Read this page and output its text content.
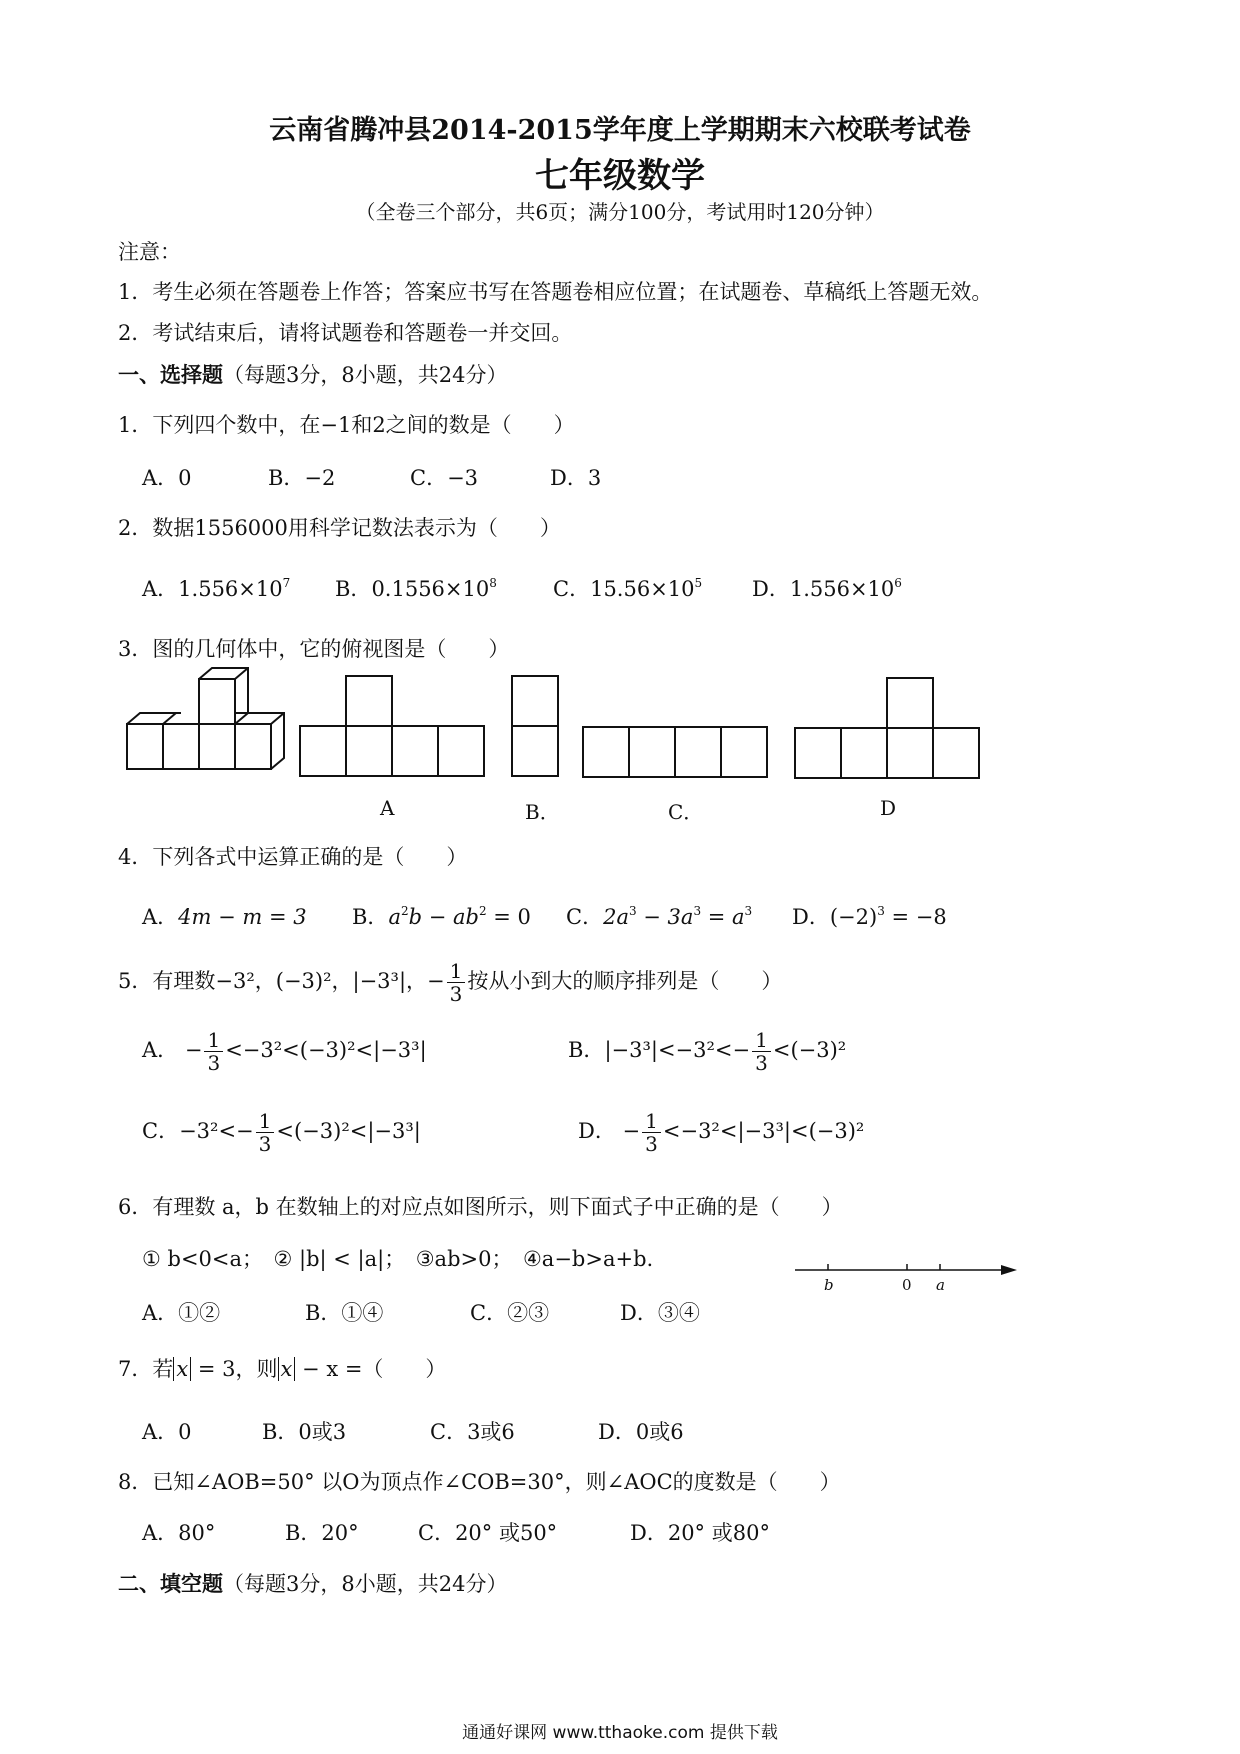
云南省腾冲县2014-2015学年度上学期期末六校联考试卷
七年级数学
（全卷三个部分，共6页；满分100分，考试用时120分钟）
注意：
1．考生必须在答题卷上作答；答案应书写在答题卷相应位置；在试题卷、草稿纸上答题无效。
2．考试结束后，请将试题卷和答题卷一并交回。
一、选择题（每题3分，8小题，共24分）
1．下列四个数中，在−1和2之间的数是（　　）
A．0	B．−2	C．−3	D．3
2．数据1556000用科学记数法表示为（　　）
A．$1.556\times 10^7$ B．$0.1556\times 10^8$	C．$15.56\times 10^5$ D．$1.556\times 10^6$
3．图的几何体中，它的俯视图是（　　）
A	B．	C．	D
4．下列各式中运算正确的是（　　）
A．4m − m = 3 B．$a^2b - ab^2 = 0$ C．$2a^3 - 3a^3 = a^3$ D．$(-2)^3 = -8$
5．有理数−3²，(−3)²，|−3³|，− $\frac{1}{3}$ 按从小到大的顺序排列是（　　）
A． − $\frac{1}{3} <-3^2<(-3)^2<|-3^3|$	B．$|-3^3|<-3^2<- \frac{1}{3} <(-3)^2$
C．$-3^2<- \frac{1}{3} <(-3)^2<|-3^3|$	D． − $\frac{1}{3} <-3^2<|-3^3|<(-3)^2$
6．有理数 a，b 在数轴上的对应点如图所示，则下面式子中正确的是（　　）
① b<0<a；　② |b| < |a|；　③ab>0；　④a−b>a+b.
A．①②	B．①④	C．②③	D．③④
b	0 a
7．若 x = 3，则 x − x =（　　）
A．0	B．0或3	C．3或6	D．0或6
8．已知∠AOB=50° 以O为顶点作∠COB=30°，则∠AOC的度数是（　　）
A．80°	B．20°	C．20° 或50°	D．20° 或80°
二、填空题（每题3分，8小题，共24分）
通通好课网 www.tthaoke.com 提供下载
